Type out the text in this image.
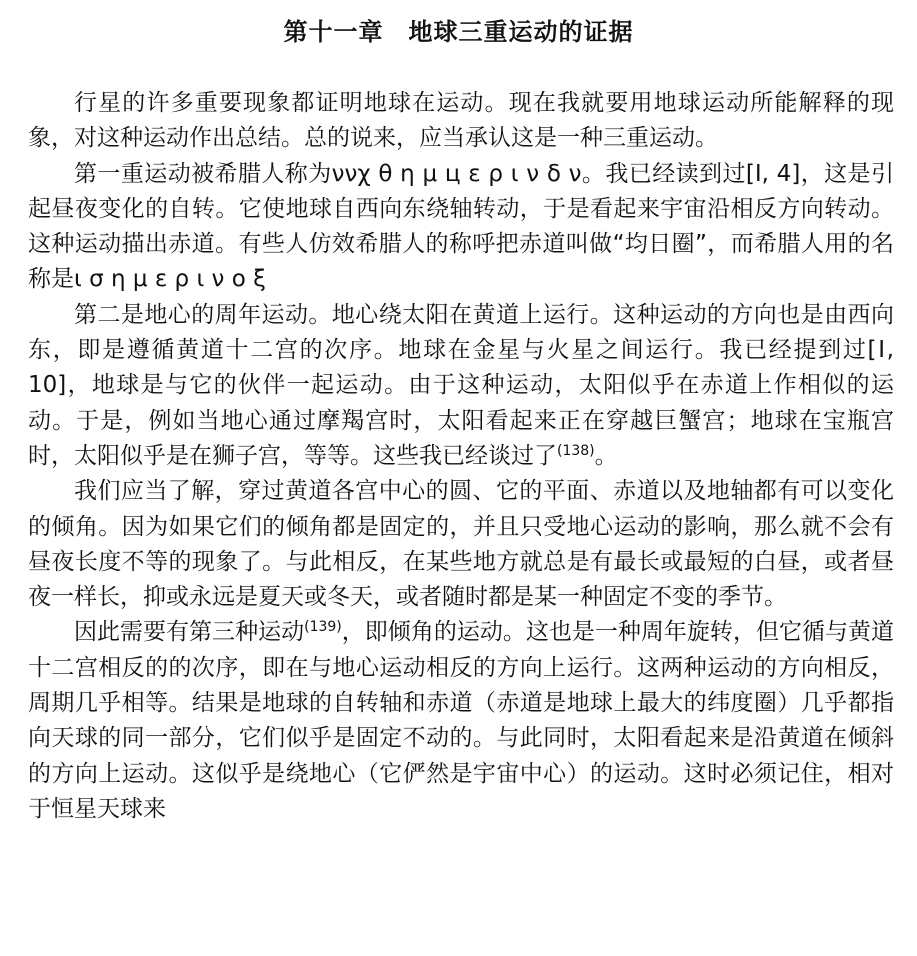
第十一章　地球三重运动的证据

行星的许多重要现象都证明地球在运动。现在我就要用地球运动所能解释的现象，对这种运动作出总结。总的说来，应当承认这是一种三重运动。

第一重运动被希腊人称为ννχ θ η μ ц ε ρ ι ν δ ν。我已经读到过[I, 4]，这是引起昼夜变化的自转。它使地球自西向东绕轴转动，于是看起来宇宙沿相反方向转动。这种运动描出赤道。有些人仿效希腊人的称呼把赤道叫做“均日圈”，而希腊人用的名称是ι σ η μ ε ρ ι ν ο ξ

第二是地心的周年运动。地心绕太阳在黄道上运行。这种运动的方向也是由西向东，即是遵循黄道十二宫的次序。地球在金星与火星之间运行。我已经提到过[Ⅰ, 10]，地球是与它的伙伴一起运动。由于这种运动，太阳似乎在赤道上作相似的运动。于是，例如当地心通过摩羯宫时，太阳看起来正在穿越巨蟹宫；地球在宝瓶宫时，太阳似乎是在狮子宫，等等。这些我已经谈过了$^{(138)}$。

我们应当了解，穿过黄道各宫中心的圆、它的平面、赤道以及地轴都有可以变化的倾角。因为如果它们的倾角都是固定的，并且只受地心运动的影响，那么就不会有昼夜长度不等的现象了。与此相反，在某些地方就总是有最长或最短的白昼，或者昼夜一样长，抑或永远是夏天或冬天，或者随时都是某一种固定不变的季节。

因此需要有第三种运动$^{(139)}$，即倾角的运动。这也是一种周年旋转，但它循与黄道十二宫相反的的次序，即在与地心运动相反的方向上运行。这两种运动的方向相反，周期几乎相等。结果是地球的自转轴和赤道（赤道是地球上最大的纬度圈）几乎都指向天球的同一部分，它们似乎是固定不动的。与此同时，太阳看起来是沿黄道在倾斜的方向上运动。这似乎是绕地心（它俨然是宇宙中心）的运动。这时必须记住，相对于恒星天球来
